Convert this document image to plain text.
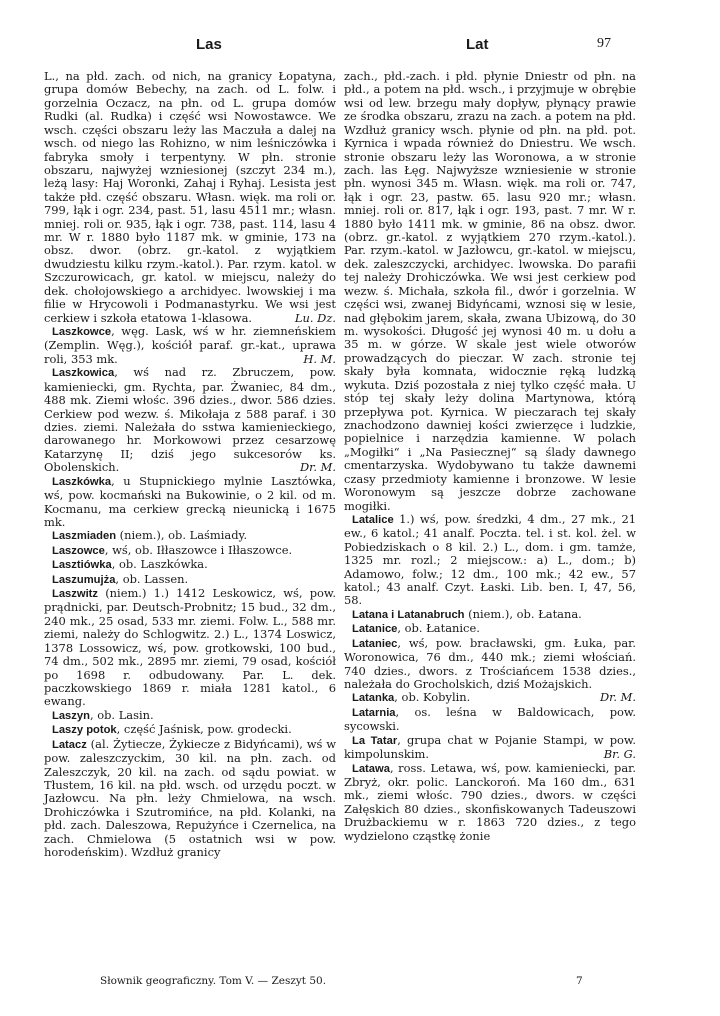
Las	Lat	97

L., na płd. zach. od nich, na granicy Łopatyna, grupa domów Bebechy, na zach. od L. folw. i gorzelnia Oczacz, na płn. od L. grupa domów Rudki (al. Rudka) i część wsi Nowostawce. We wsch. części obszaru leży las Maczuła a dalej na wsch. od niego las Rohizno, w nim leśniczówka i fabryka smoły i terpentyny. W płn. stronie obszaru, najwyżej wzniesionej (szczyt 234 m.), leżą lasy: Haj Woronki, Zahaj i Ryhaj. Lesista jest także płd. część obszaru. Własn. więk. ma roli or. 799, łąk i ogr. 234, past. 51, lasu 4511 mr.; własn. mniej. roli or. 935, łąk i ogr. 738, past. 114, lasu 4 mr. W r. 1880 było 1187 mk. w gminie, 173 na obsz. dwor. (obrz. gr.-katol. z wyjątkiem dwudziestu kilku rzym.-katol.). Par. rzym. katol. w Szczurowicach, gr. katol. w miejscu, należy do dek. chołojowskiego a archidyec. lwowskiej i ma filie w Hrycowoli i Podmanastyrku. We wsi jest cerkiew i szkoła etatowa 1-klasowa.	Lu. Dz.

Laszkowce, węg. Lask, wś w hr. ziemneńskiem (Zemplin. Węg.), kościół paraf. gr.-kat., uprawa roli, 353 mk.	H. M.

Laszkowica, wś nad rz. Zbruczem, pow. kamieniecki, gm. Rychta, par. Żwaniec, 84 dm., 488 mk. Ziemi włośc. 396 dzies., dwor. 586 dzies. Cerkiew pod wezw. ś. Mikołaja z 588 paraf. i 30 dzies. ziemi. Należała do sstwa kamienieckiego, darowanego hr. Morkowowi przez cesarzowę Katarzynę II; dziś jego sukcesorów ks. Obolenskich.	Dr. M.

Laszkówka, u Stupnickiego mylnie Lasztówka, wś, pow. kocmański na Bukowinie, o 2 kil. od m. Kocmanu, ma cerkiew grecką nieunicką i 1675 mk.

Laszmiaden (niem.), ob. Laśmiady.

Laszowce, wś, ob. Iłłaszowce i Iłłaszowce.

Lasztiówka, ob. Laszkówka.

Laszumujża, ob. Lassen.

Laszwitz (niem.) 1.) 1412 Leskowicz, wś, pow. prądnicki, par. Deutsch-Probnitz; 15 bud., 32 dm., 240 mk., 25 osad, 533 mr. ziemi. Folw. L., 588 mr. ziemi, należy do Schlogwitz. 2.) L., 1374 Loswicz, 1378 Lossowicz, wś, pow. grotkowski, 100 bud., 74 dm., 502 mk., 2895 mr. ziemi, 79 osad, kościół po 1698 r. odbudowany. Par. L. dek. paczkowskiego 1869 r. miała 1281 katol., 6 ewang.

Laszyn, ob. Lasin.

Laszy potok, część Jaśnisk, pow. grodecki.

Latacz (al. Żytiecze, Żykiecze z Bidyńcami), wś w pow. zaleszczyckim, 30 kil. na płn. zach. od Zaleszczyk, 20 kil. na zach. od sądu powiat. w Tłustem, 16 kil. na płd. wsch. od urzędu poczt. w Jazłowcu. Na płn. leży Chmielowa, na wsch. Drohiczówka i Szutromińce, na płd. Kolanki, na płd. zach. Daleszowa, Repużyńce i Czernelica, na zach. Chmielowa (5 ostatnich wsi w pow. horodeńskim). Wzdłuż granicy

zach., płd.-zach. i płd. płynie Dniestr od płn. na płd., a potem na płd. wsch., i przyjmuje w obrębie wsi od lew. brzegu mały dopływ, płynący prawie ze środka obszaru, zrazu na zach. a potem na płd. Wzdłuż granicy wsch. płynie od płn. na płd. pot. Kyrnica i wpada również do Dniestru. We wsch. stronie obszaru leży las Woronowa, a w stronie zach. las Łęg. Najwyższe wzniesienie w stronie płn. wynosi 345 m. Własn. więk. ma roli or. 747, łąk i ogr. 23, pastw. 65. lasu 920 mr.; własn. mniej. roli or. 817, łąk i ogr. 193, past. 7 mr. W r. 1880 było 1411 mk. w gminie, 86 na obsz. dwor. (obrz. gr.-katol. z wyjątkiem 270 rzym.-katol.). Par. rzym.-katol. w Jazłowcu, gr.-katol. w miejscu, dek. zaleszczycki, archidyec. lwowska. Do parafii tej należy Drohiczówka. We wsi jest cerkiew pod wezw. ś. Michała, szkoła fil., dwór i gorzelnia. W części wsi, zwanej Bidyńcami, wznosi się w lesie, nad głębokim jarem, skała, zwana Ubizową, do 30 m. wysokości. Długość jej wynosi 40 m. u dołu a 35 m. w górze. W skale jest wiele otworów prowadzących do pieczar. W zach. stronie tej skały była komnata, widocznie ręką ludzką wykuta. Dziś pozostała z niej tylko część mała. U stóp tej skały leży dolina Martynowa, którą przepływa pot. Kyrnica. W pieczarach tej skały znachodzono dawniej kości zwierzęce i ludzkie, popielnice i narzędzia kamienne. W polach „Mogiłki“ i „Na Pasiecznej“ są ślady dawnego cmentarzyska. Wydobywano tu także dawnemi czasy przedmioty kamienne i bronzowe. W lesie Woronowym są jeszcze dobrze zachowane mogiłki.

Latalice 1.) wś, pow. średzki, 4 dm., 27 mk., 21 ew., 6 katol.; 41 analf. Poczta. tel. i st. kol. żel. w Pobiedziskach o 8 kil. 2.) L., dom. i gm. tamże, 1325 mr. rozl.; 2 miejscow.: a) L., dom.; b) Adamowo, folw.; 12 dm., 100 mk.; 42 ew., 57 katol.; 43 analf. Czyt. Łaski. Lib. ben. I, 47, 56, 58.

Latana i Latanabruch (niem.), ob. Łatana.

Latanice, ob. Łatanice.

Lataniec, wś, pow. bracławski, gm. Łuka, par. Woronowica, 76 dm., 440 mk.; ziemi włościań. 740 dzies., dwors. z Trościańcem 1538 dzies., należała do Grocholskich, dziś Możajskich.
Dr. M.

Latanka, ob. Kobylin.

Latarnia, os. leśna w Baldowicach, pow. sycowski.

La Tatar, grupa chat w Pojanie Stampi, w pow. kimpolunskim.	Br. G.

Latawa, ross. Letawa, wś, pow. kamieniecki, par. Zbryż, okr. polic. Lanckoroń. Ma 160 dm., 631 mk., ziemi włośc. 790 dzies., dwors. w części Załęskich 80 dzies., skonfiskowanych Tadeuszowi Drużbackiemu w r. 1863 720 dzies., z tego wydzielono cząstkę żonie

Słownik geograficzny. Tom V. — Zeszyt 50.	7
